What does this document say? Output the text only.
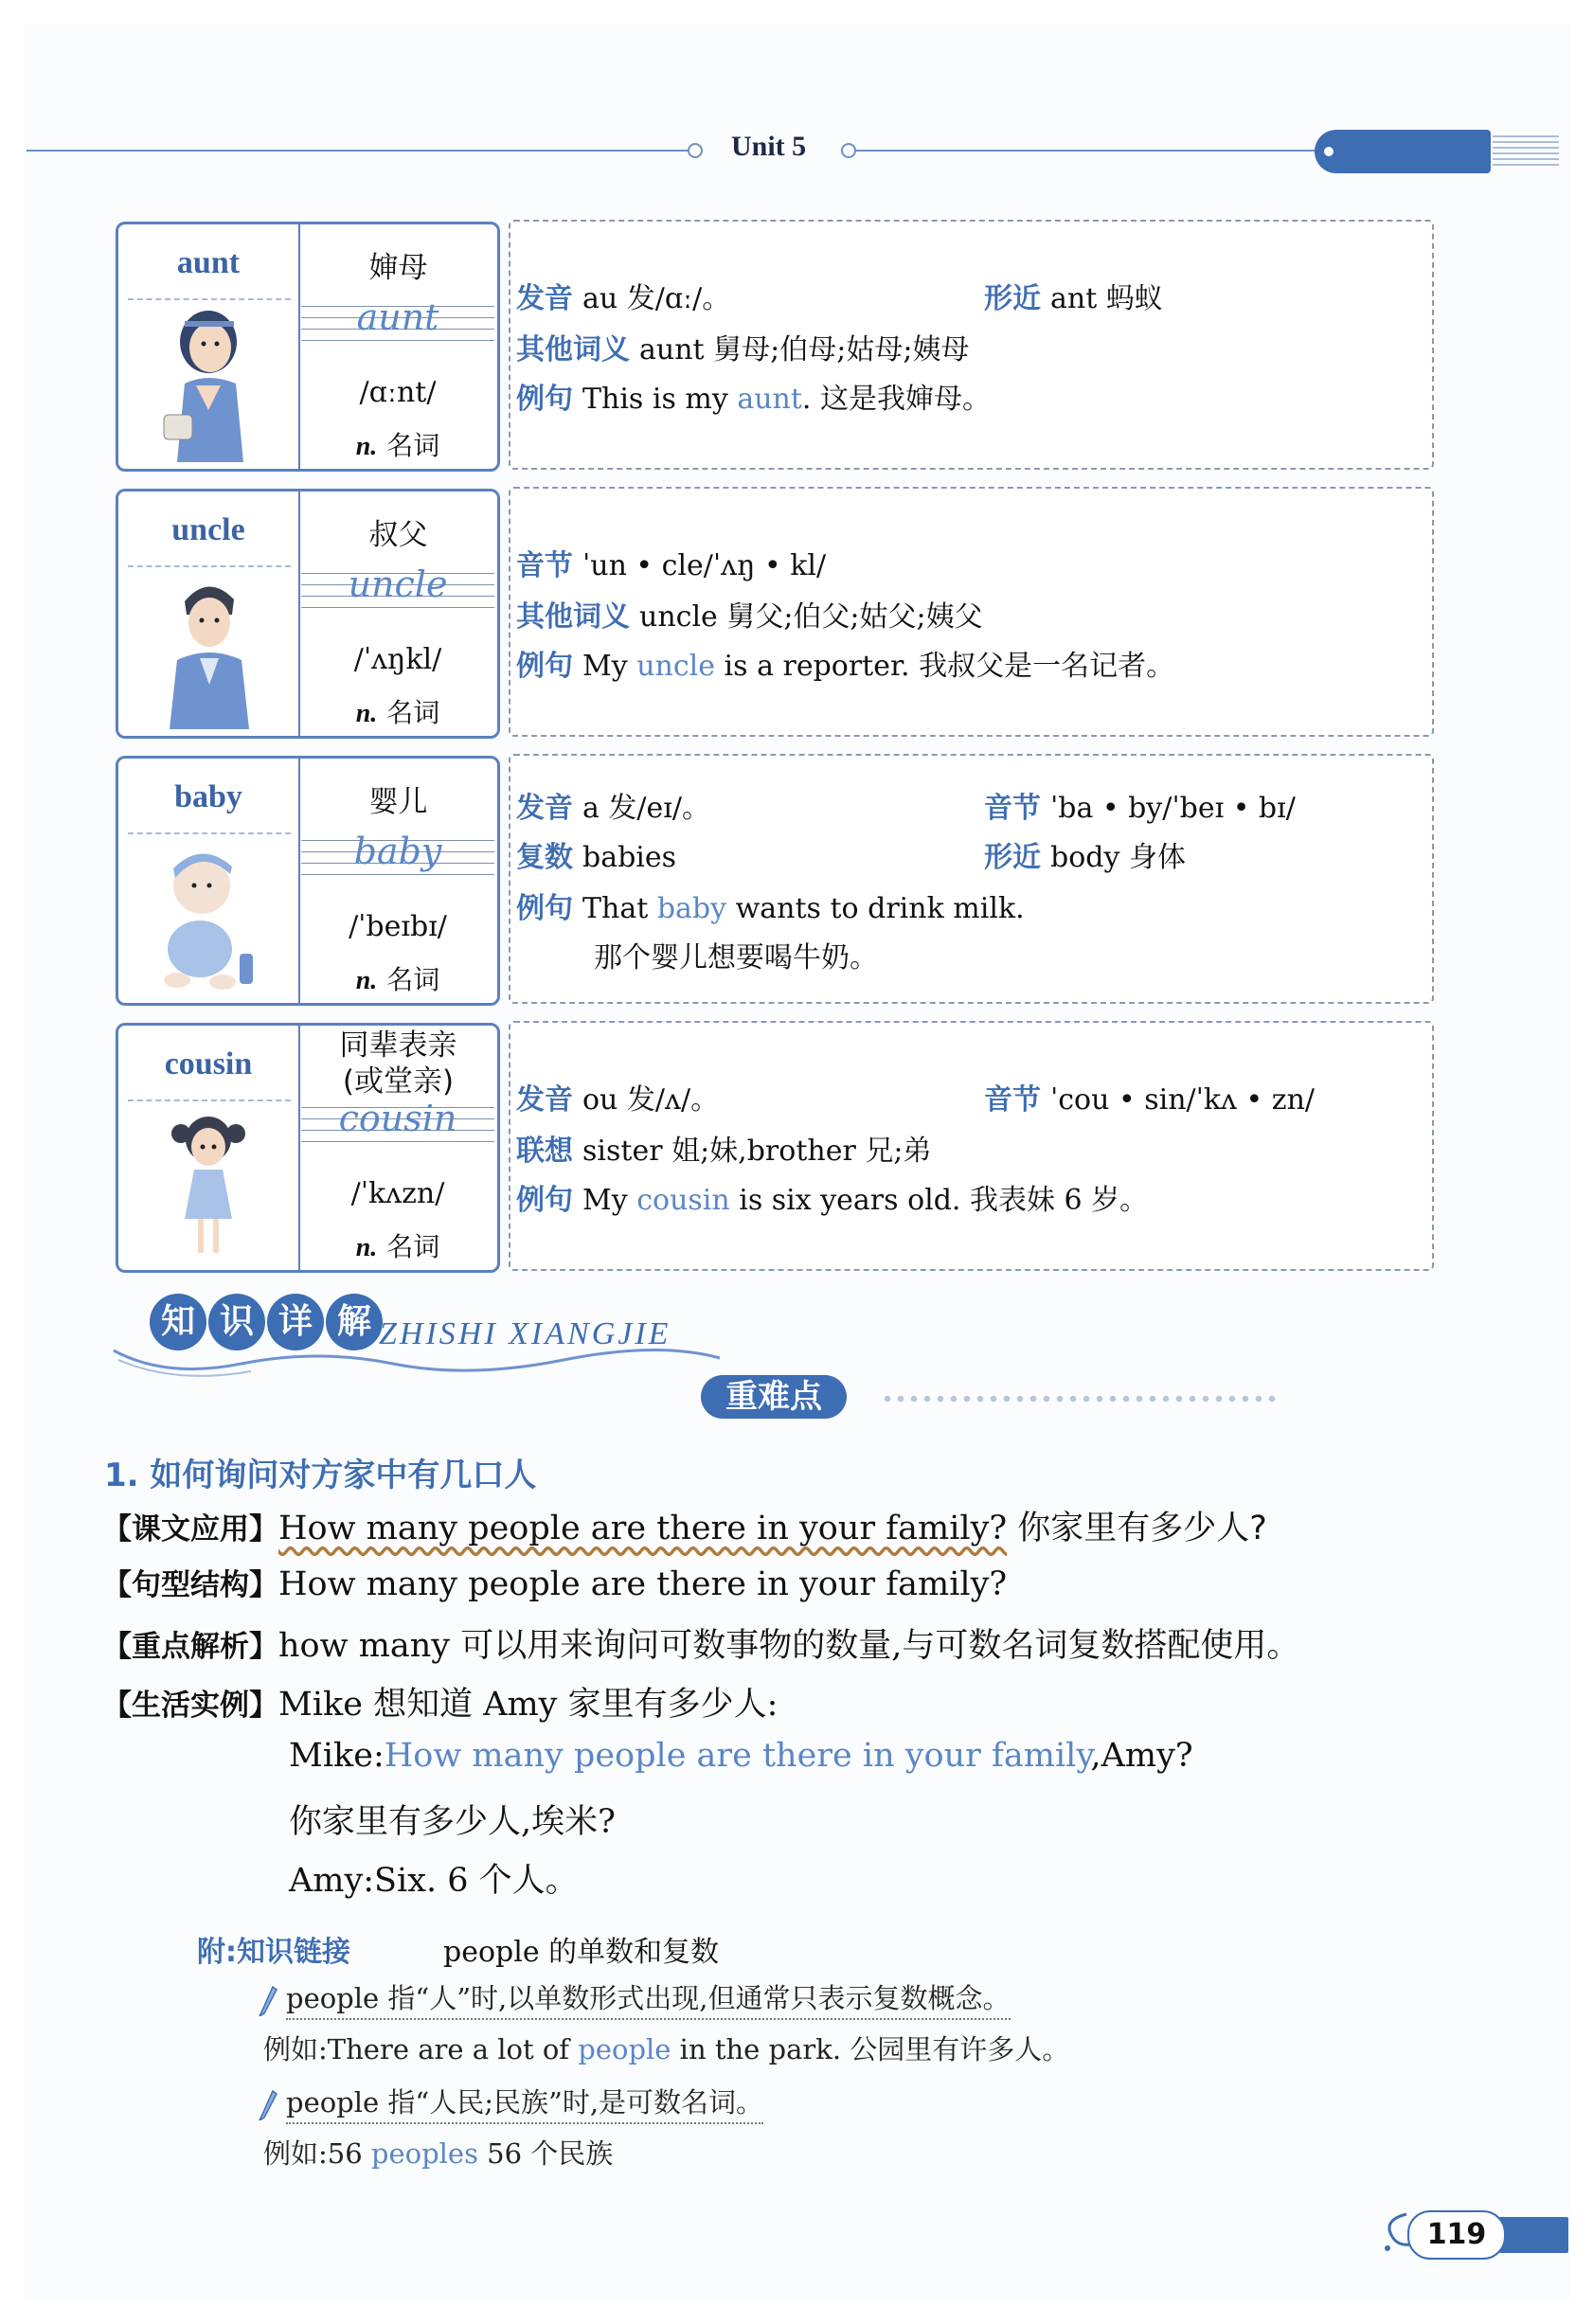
Unit 5
aunt	婶母
aunt
/ɑːnt/
n. 名词
发音 au 发/ɑː/。	形近 ant 蚂蚁
其他词义 aunt 舅母;伯母;姑母;姨母
例句 This is my aunt. 这是我婶母。
uncle	叔父
uncle
/ˈʌŋkl/
n. 名词
音节 ˈun • cle/ˈʌŋ • kl/
其他词义 uncle 舅父;伯父;姑父;姨父
例句 My uncle is a reporter. 我叔父是一名记者。
baby	婴儿
baby
/ˈbeɪbɪ/
n. 名词
发音 a 发/eɪ/。	音节 ˈba • by/ˈbeɪ • bɪ/
复数 babies	形近 body 身体
例句 That baby wants to drink milk.
那个婴儿想要喝牛奶。
cousin
同辈表亲
(或堂亲)
cousin
/ˈkʌzn/
n. 名词
发音 ou 发/ʌ/。	音节 ˈcou • sin/ˈkʌ • zn/
联想 sister 姐;妹,brother 兄;弟
例句 My cousin is six years old. 我表妹 6 岁。
知 识 详 解 ZHISHI XIANGJIE
重难点
1. 如何询问对方家中有几口人
【课文应用】How many people are there in your family? 你家里有多少人?
【句型结构】How many people are there in your family?
【重点解析】how many 可以用来询问可数事物的数量,与可数名词复数搭配使用。
【生活实例】Mike 想知道 Amy 家里有多少人:
Mike:How many people are there in your family,Amy?
你家里有多少人,埃米?
Amy:Six. 6 个人。
附:知识链接	people 的单数和复数
people 指“人”时,以单数形式出现,但通常只表示复数概念。
例如:There are a lot of people in the park. 公园里有许多人。
people 指“人民;民族”时,是可数名词。
例如:56 peoples 56 个民族
119
